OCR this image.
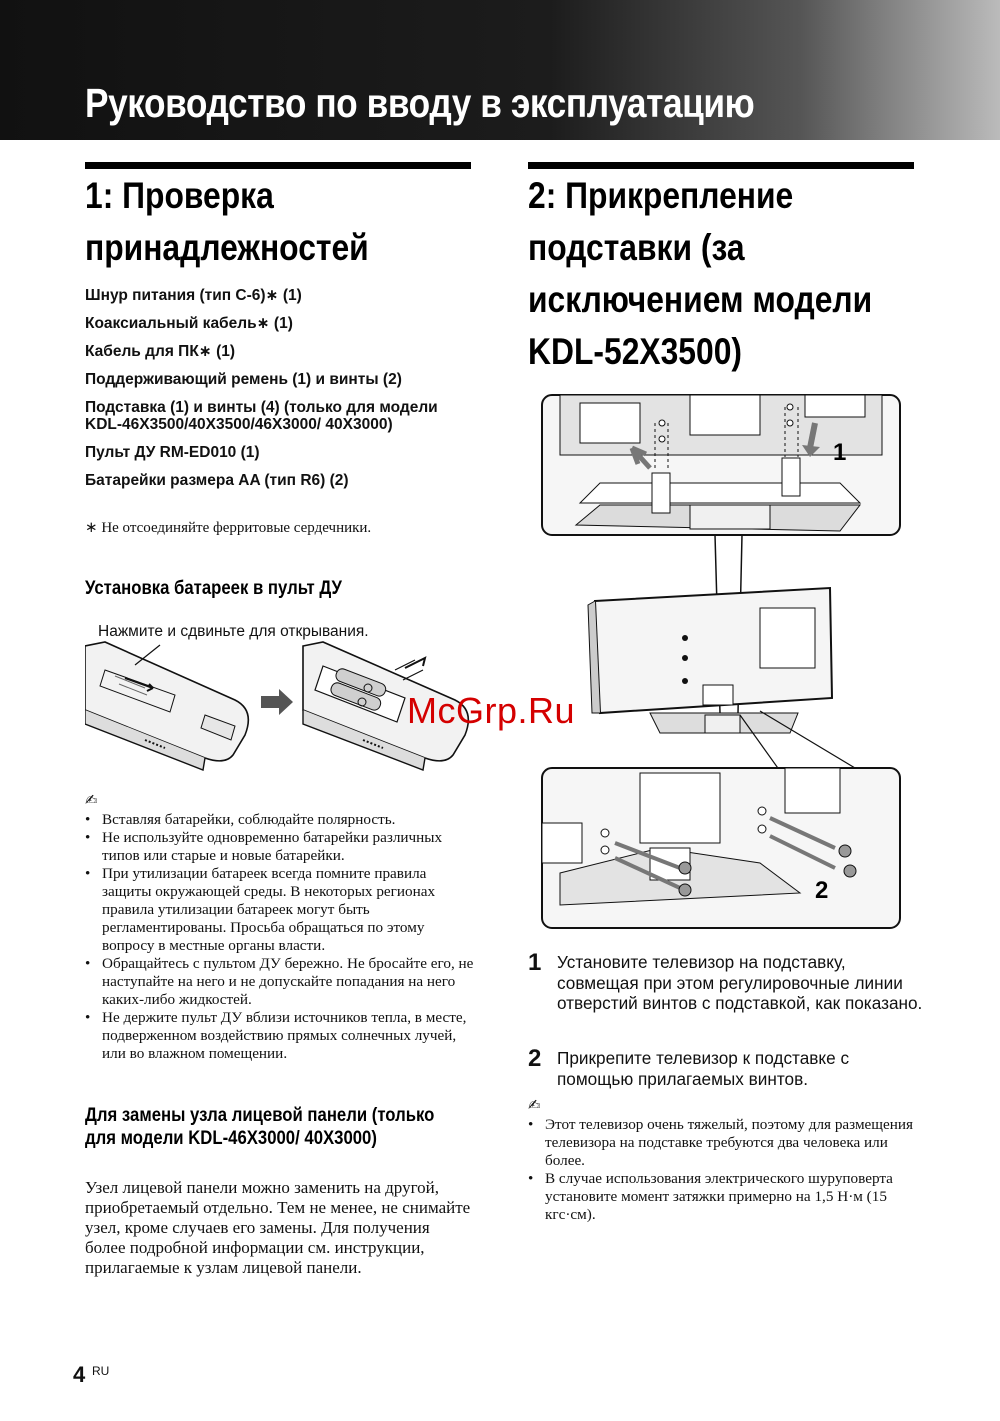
Руководство по вводу в эксплуатацию
1: Проверка
принадлежностей
Шнур питания (тип C-6)∗ (1)
Коаксиальный кабель∗ (1)
Кабель для ПК∗ (1)
Поддерживающий ремень (1) и винты (2)
Подставка (1) и винты (4) (только для модели KDL-46X3500/40X3500/46X3000/ 40X3000)
Пульт ДУ RM-ED010 (1)
Батарейки размера AA (тип R6) (2)
∗ Не отсоединяйте ферритовые сердечники.
Установка батареек в пульт ДУ
Нажмите и сдвиньте для открывания.
✍
• Вставляя батарейки, соблюдайте полярность.
• Не используйте одновременно батарейки различных типов или старые и новые батарейки.
• При утилизации батареек всегда помните правила защиты окружающей среды. В некоторых регионах правила утилизации батареек могут быть регламентированы. Просьба обращаться по этому вопросу в местные органы власти.
• Обращайтесь с пультом ДУ бережно. Не бросайте его, не наступайте на него и не допускайте попадания на него каких-либо жидкостей.
• Не держите пульт ДУ вблизи источников тепла, в месте, подверженном воздействию прямых солнечных лучей, или во влажном помещении.
Для замены узла лицевой панели (только для модели KDL-46X3000/ 40X3000)

Узел лицевой панели можно заменить на другой, приобретаемый отдельно. Тем не менее, не снимайте узел, кроме случаев его замены. Для получения более подробной информации см. инструкции, прилагаемые к узлам лицевой панели.

2: Прикрепление
подставки (за
исключением модели
KDL-52X3500)
1
2
1 Установите телевизор на подставку, совмещая при этом регулировочные линии отверстий винтов с подставкой, как показано.
2 Прикрепите телевизор к подставке с помощью прилагаемых винтов.
✍
• Этот телевизор очень тяжелый, поэтому для размещения телевизора на подставке требуются два человека или более.
• В случае использования электрического шуруповерта установите момент затяжки примерно на 1,5 Н·м (15 кгс·см).
4 RU
McGrp.Ru
